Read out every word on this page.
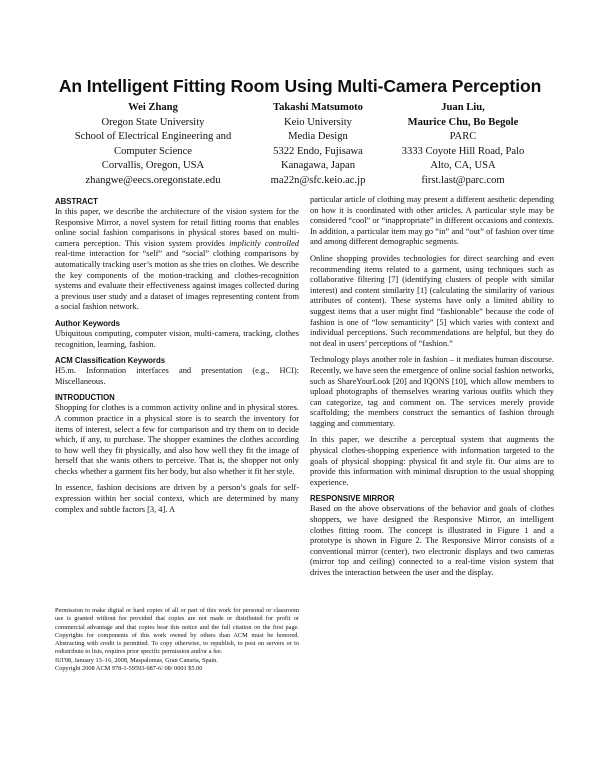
An Intelligent Fitting Room Using Multi-Camera Perception
Wei Zhang
Oregon State University
School of Electrical Engineering and
Computer Science
Corvallis, Oregon, USA
zhangwe@eecs.oregonstate.edu
Takashi Matsumoto
Keio University
Media Design
5322 Endo, Fujisawa
Kanagawa, Japan
ma22n@sfc.keio.ac.jp
Juan Liu,
Maurice Chu, Bo Begole
PARC
3333 Coyote Hill Road, Palo
Alto, CA, USA
first.last@parc.com
ABSTRACT

In this paper, we describe the architecture of the vision system for the Responsive Mirror, a novel system for retail fitting rooms that enables online social fashion comparisons in physical stores based on multi-camera perception. This vision system provides implicitly controlled real-time interaction for “self” and “social” clothing comparisons by automatically tracking user’s motion as she tries on clothes. We describe the key components of the motion-tracking and clothes-recognition systems and evaluate their effectiveness against images collected during a previous user study and a dataset of images representing content from a social fashion network.

Author Keywords

Ubiquitous computing, computer vision, multi-camera, tracking, clothes recognition, learning, fashion.

ACM Classification Keywords

H5.m. Information interfaces and presentation (e.g., HCI): Miscellaneous.

INTRODUCTION

Shopping for clothes is a common activity online and in physical stores. A common practice in a physical store is to search the inventory for items of interest, select a few for comparison and try them on to decide which, if any, to purchase. The shopper examines the clothes according to how well they fit physically, and also how well they fit the image of herself that she wants others to perceive. That is, the shopper not only checks whether a garment fits her body, but also whether it fit her style.

In essence, fashion decisions are driven by a person’s goals for self-expression within her social context, which are determined by many complex and subtle factors [3, 4]. A

Permission to make digital or hard copies of all or part of this work for personal or classroom use is granted without fee provided that copies are not made or distributed for profit or commercial advantage and that copies bear this notice and the full citation on the first page. Copyrights for components of this work owned by others than ACM must be honored. Abstracting with credit is permitted. To copy otherwise, to republish, to post on servers or to redistribute to lists, requires prior specific permission and/or a fee.
IUI'08, January 13–16, 2008, Maspalomas, Gran Canaria, Spain.
Copyright 2008 ACM 978-1-59593-987-6/ 08/ 0001 $5.00

particular article of clothing may present a different aesthetic depending on how it is coordinated with other articles. A particular style may be considered “cool” or “inappropriate” in different occasions and contexts. In addition, a particular item may go “in” and “out” of fashion over time and among different demographic segments.

Online shopping provides technologies for direct searching and even recommending items related to a garment, using techniques such as collaborative filtering [7] (identifying clusters of people with similar interest) and content similarity [1] (calculating the similarity of various attributes of content). These systems have only a limited ability to suggest items that a user might find “fashionable” because the code of fashion is one of “low semanticity” [5] which varies with context and individual perceptions. Such recommendations are helpful, but they do not deal in users’ perceptions of “fashion.”

Technology plays another role in fashion – it mediates human discourse. Recently, we have seen the emergence of online social fashion networks, such as ShareYourLook [20] and IQONS [10], which allow members to upload photographs of themselves wearing various outfits which they can categorize, tag and comment on. The services merely provide scaffolding; the members construct the semantics of fashion through tagging and commentary.

In this paper, we describe a perceptual system that augments the physical clothes-shopping experience with information targeted to the goals of physical shopping: physical fit and style fit. Our aims are to provide this information with minimal disruption to the usual shopping experience.

RESPONSIVE MIRROR

Based on the above observations of the behavior and goals of clothes shoppers, we have designed the Responsive Mirror, an intelligent clothes fitting room. The concept is illustrated in Figure 1 and a prototype is shown in Figure 2. The Responsive Mirror consists of a conventional mirror (center), two electronic displays and two cameras (mirror top and ceiling) connected to a real-time vision system that drives the interaction between the user and the display.
